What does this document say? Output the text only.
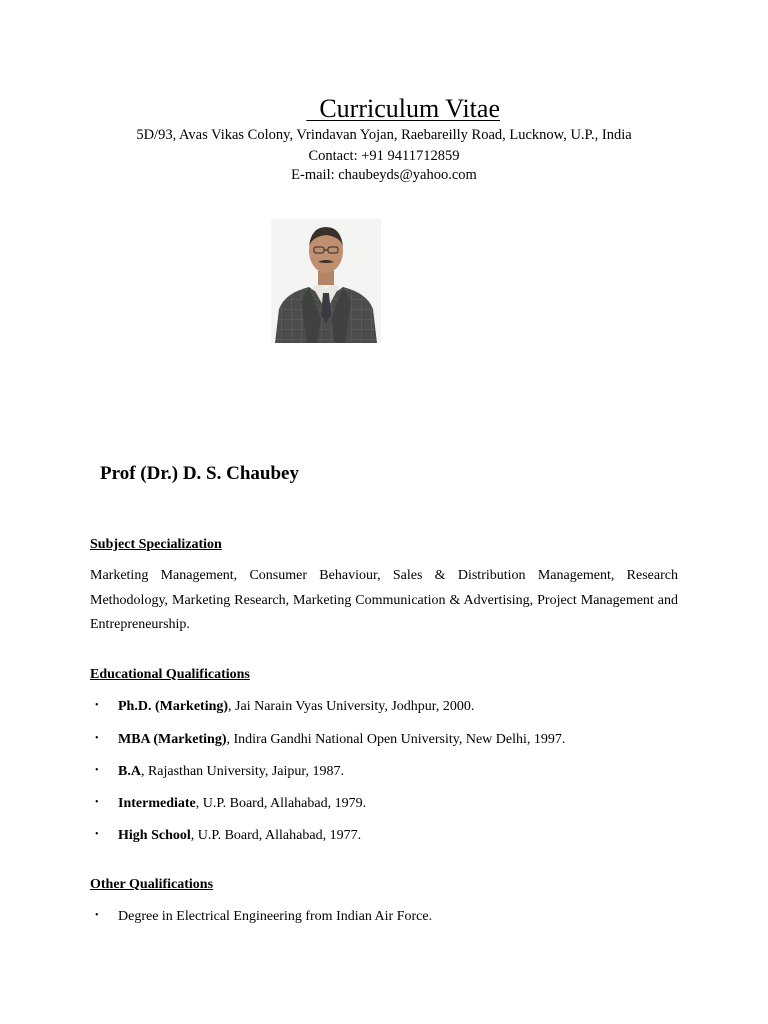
Curriculum Vitae
5D/93, Avas Vikas Colony, Vrindavan Yojan, Raebareilly Road, Lucknow, U.P., India
Contact: +91 9411712859
E-mail: chaubeyds@yahoo.com
Prof (Dr.) D. S. Chaubey
Subject Specialization
Marketing Management, Consumer Behaviour, Sales & Distribution Management, Research Methodology, Marketing Research, Marketing Communication & Advertising, Project Management and Entrepreneurship.
Educational Qualifications
• Ph.D. (Marketing), Jai Narain Vyas University, Jodhpur, 2000.
• MBA (Marketing), Indira Gandhi National Open University, New Delhi, 1997.
• B.A, Rajasthan University, Jaipur, 1987.
• Intermediate, U.P. Board, Allahabad, 1979.
• High School, U.P. Board, Allahabad, 1977.
Other Qualifications
• Degree in Electrical Engineering from Indian Air Force.
